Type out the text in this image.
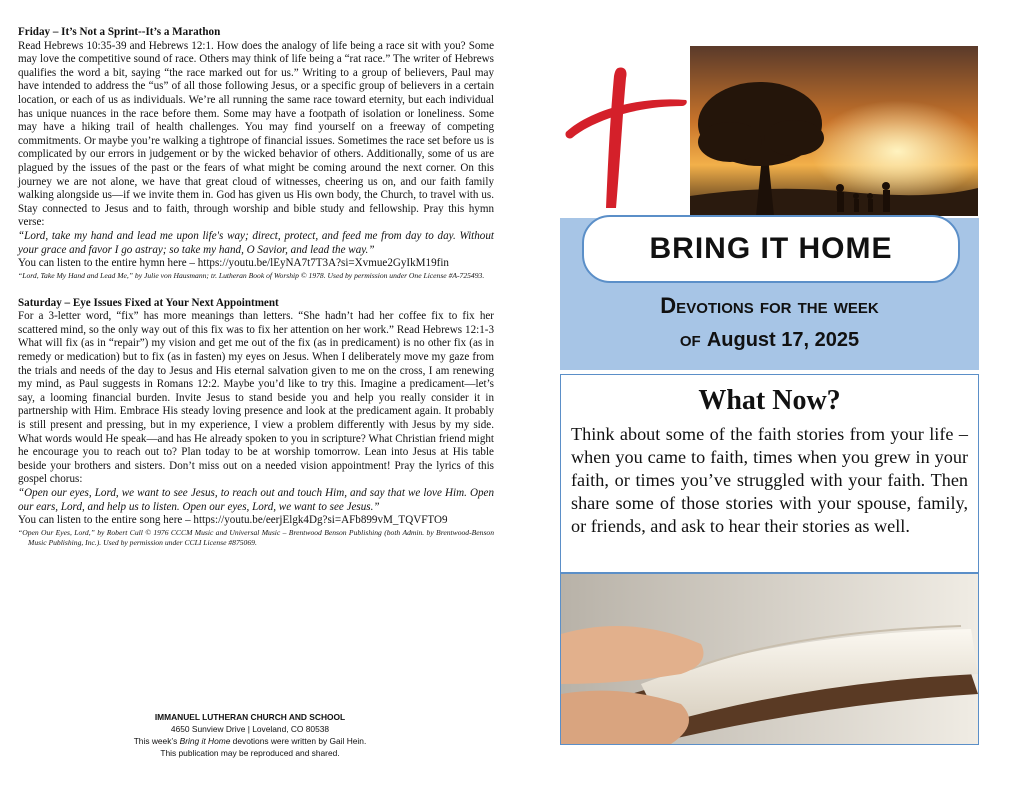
Friday – It’s Not a Sprint--It’s a Marathon

Read Hebrews 10:35-39 and Hebrews 12:1. How does the analogy of life being a race sit with you? Some may love the competitive sound of race. Others may think of life being a “rat race.” The writer of Hebrews qualifies the word a bit, saying “the race marked out for us.” Writing to a group of believers, Paul may have intended to address the “us” of all those following Jesus, or a specific group of believers in a certain location, or each of us as individuals. We’re all running the same race toward eternity, but each individual has unique nuances in the race before them. Some may have a footpath of isolation or loneliness. Some may have a hiking trail of health challenges. You may find yourself on a freeway of competing commitments. Or maybe you’re walking a tightrope of financial issues. Sometimes the race set before us is complicated by our errors in judgement or by the wicked behavior of others. Additionally, some of us are plagued by the issues of the past or the fears of what might be coming around the next corner. On this journey we are not alone, we have that great cloud of witnesses, cheering us on, and our faith family walking alongside us—if we invite them in. God has given us His own body, the Church, to travel with us. Stay connected to Jesus and to faith, through worship and bible study and fellowship. Pray this hymn verse:

“Lord, take my hand and lead me upon life's way; direct, protect, and feed me from day to day. Without your grace and favor I go astray; so take my hand, O Savior, and lead the way.”

You can listen to the entire hymn here – https://youtu.be/lEyNA7t7T3A?si=Xvmue2GyIkM19fin

“Lord, Take My Hand and Lead Me,” by Julie von Hausmann; tr. Lutheran Book of Worship © 1978. Used by permission under One License #A-725493.

Saturday – Eye Issues Fixed at Your Next Appointment

For a 3-letter word, “fix” has more meanings than letters. “She hadn’t had her coffee fix to fix her scattered mind, so the only way out of this fix was to fix her attention on her work.” Read Hebrews 12:1-3 What will fix (as in “repair”) my vision and get me out of the fix (as in predicament) is no other fix (as in remedy or medication) but to fix (as in fasten) my eyes on Jesus. When I deliberately move my gaze from the trials and needs of the day to Jesus and His eternal salvation given to me on the cross, I am renewing my mind, as Paul suggests in Romans 12:2. Maybe you’d like to try this. Imagine a predicament—let’s say, a looming financial burden. Invite Jesus to stand beside you and help you really consider it in partnership with Him. Embrace His steady loving presence and look at the predicament again. It probably is still present and pressing, but in my experience, I view a problem differently with Jesus by my side. What words would He speak—and has He already spoken to you in scripture? What Christian friend might he encourage you to reach out to? Plan today to be at worship tomorrow. Lean into Jesus at His table beside your brothers and sisters. Don’t miss out on a needed vision appointment! Pray the lyrics of this gospel chorus:

“Open our eyes, Lord, we want to see Jesus, to reach out and touch Him, and say that we love Him. Open our ears, Lord, and help us to listen. Open our eyes, Lord, we want to see Jesus.”

You can listen to the entire song here – https://youtu.be/eerjElgk4Dg?si=AFb899vM_TQVFTO9

“Open Our Eyes, Lord,” by Robert Cull © 1976 CCCM Music and Universal Music – Brentwood Benson Publishing (both Admin. by Brentwood-Benson Music Publishing, Inc.). Used by permission under CCLI License #875069.

IMMANUEL LUTHERAN CHURCH AND SCHOOL
4650 Sunview Drive | Loveland, CO 80538
This week’s Bring it Home devotions were written by Gail Hein.
This publication may be reproduced and shared.
BRING IT HOME
Devotions for the week
of August 17, 2025
What Now?
Think about some of the faith stories from your life – when you came to faith, times when you grew in your faith, or times you’ve struggled with your faith. Then share some of those stories with your spouse, family, or friends, and ask to hear their stories as well.
